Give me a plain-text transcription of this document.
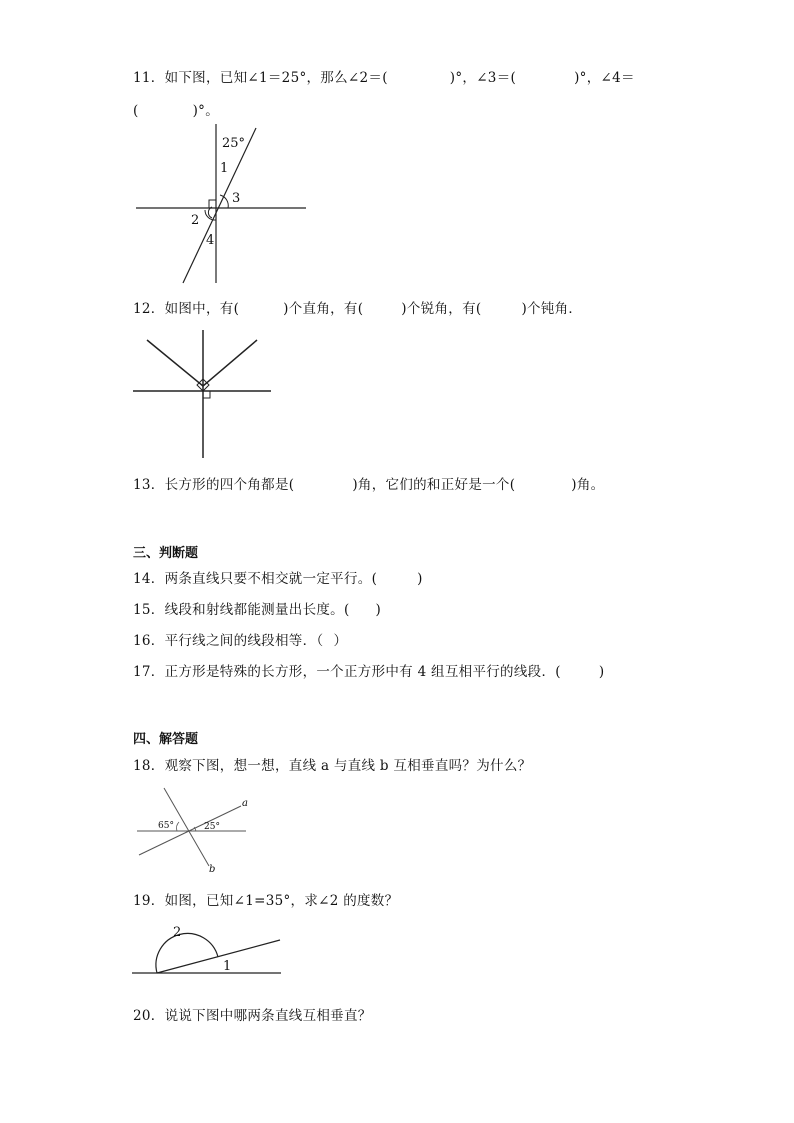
11．如下图，已知∠1＝25°，那么∠2＝(	)°，∠3＝(	)°，∠4＝
(	)°。
25°
1
3
2
4
12．如图中，有(	)个直角，有(	)个锐角，有(	)个钝角．
13．长方形的四个角都是(	)角，它们的和正好是一个(	)角。
三、判断题
14．两条直线只要不相交就一定平行。(	)
15．线段和射线都能测量出长度。( )
16．平行线之间的线段相等．（ ）
17．正方形是特殊的长方形，一个正方形中有 4 组互相平行的线段．(	)
四、解答题
18．观察下图，想一想，直线 a 与直线 b 互相垂直吗？为什么？
65°	25°
a
b
19．如图，已知∠1=35°，求∠2 的度数？
2
1
20．说说下图中哪两条直线互相垂直？
